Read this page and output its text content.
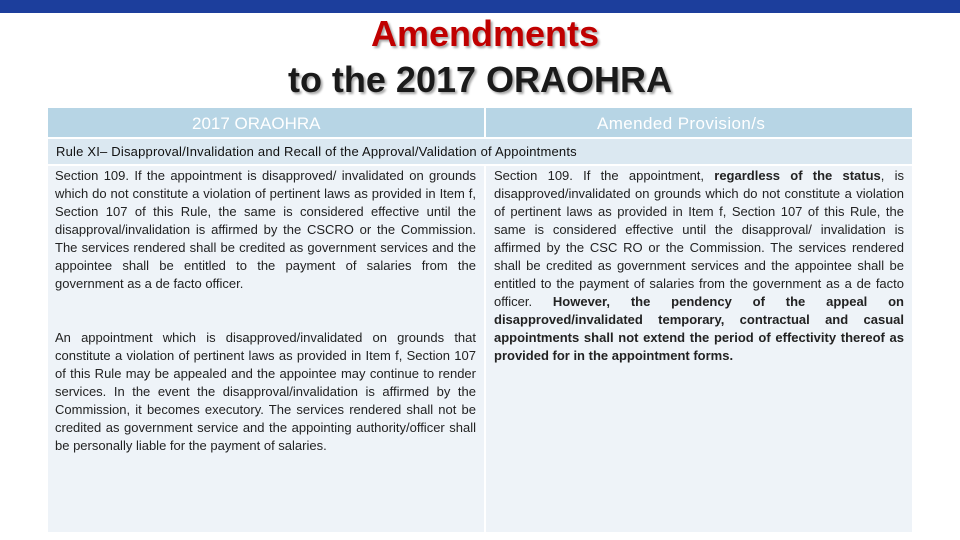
Amendments
to the 2017 ORAOHRA
2017 ORAOHRA	Amended Provision/s
Rule XI– Disapproval/Invalidation and Recall of the Approval/Validation of Appointments
Section 109. If the appointment is disapproved/ invalidated on grounds which do not constitute a violation of pertinent laws as provided in Item f, Section 107 of this Rule, the same is considered effective until the disapproval/invalidation is affirmed by the CSCRO or the Commission. The services rendered shall be credited as government services and the appointee shall be entitled to the payment of salaries from the government as a de facto officer.
An appointment which is disapproved/invalidated on grounds that constitute a violation of pertinent laws as provided in Item f, Section 107 of this Rule may be appealed and the appointee may continue to render services. In the event the disapproval/invalidation is affirmed by the Commission, it becomes executory. The services rendered shall not be credited as government service and the appointing authority/officer shall be personally liable for the payment of salaries.
Section 109. If the appointment, regardless of the status, is disapproved/invalidated on grounds which do not constitute a violation of pertinent laws as provided in Item f, Section 107 of this Rule, the same is considered effective until the disapproval/ invalidation is affirmed by the CSC RO or the Commission. The services rendered shall be credited as government services and the appointee shall be entitled to the payment of salaries from the government as a de facto officer. However, the pendency of the appeal on disapproved/invalidated temporary, contractual and casual appointments shall not extend the period of effectivity thereof as provided for in the appointment forms.
